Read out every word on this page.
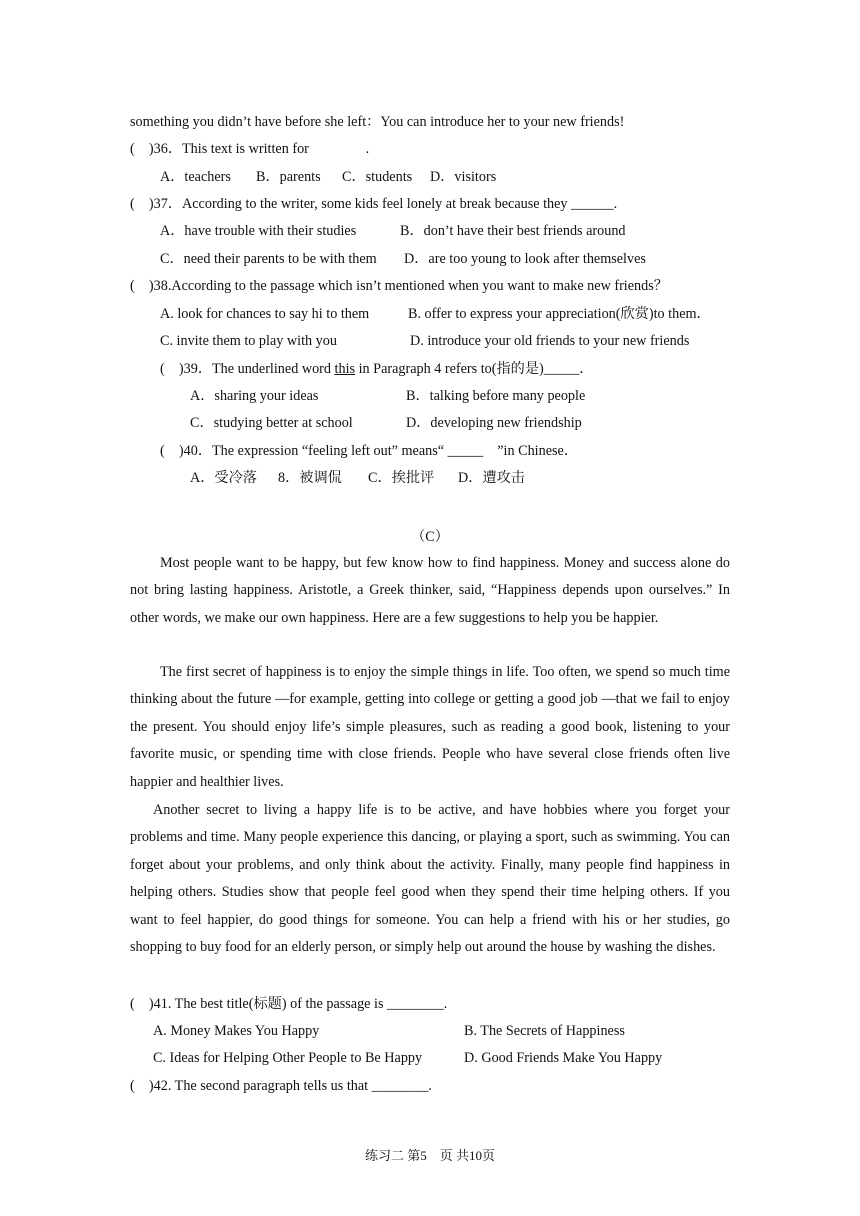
something you didn’t have before she left：You can introduce her to your new friends!
(　)36．This text is written for　　　　.
A．teachers B．parents C．students D．visitors
(　)37．According to the writer, some kids feel lonely at break because they ______.
A．have trouble with their studies	B．don’t have their best friends around
C．need their parents to be with them D．are too young to look after themselves
(　)38.According to the passage which isn’t mentioned when you want to make new friends？
A. look for chances to say hi to them	B. offer to express your appreciation(欣赏)to them．
C. invite them to play with you	D. introduce your old friends to your new friends
(　)39．The underlined word this in Paragraph 4 refers to(指的是)_____．
A．sharing your ideas	B．talking before many people
C．studying better at school	D．developing new friendship
(　)40．The expression “feeling left out” means“ _____　”in Chinese．
A．受冷落 8．被调侃 C．挨批评 D．遭攻击
（C）
Most people want to be happy, but few know how to find happiness. Money and success alone do not bring lasting happiness. Aristotle, a Greek thinker, said, “Happiness depends upon ourselves.” In other words, we make our own happiness. Here are a few suggestions to help you be happier.
The first secret of happiness is to enjoy the simple things in life. Too often, we spend so much time thinking about the future —for example, getting into college or getting a good job —that we fail to enjoy the present. You should enjoy life’s simple pleasures, such as reading a good book, listening to your favorite music, or spending time with close friends. People who have several close friends often live happier and healthier lives.
Another secret to living a happy life is to be active, and have hobbies where you forget your problems and time. Many people experience this dancing, or playing a sport, such as swimming. You can forget about your problems, and only think about the activity. Finally, many people find happiness in helping others. Studies show that people feel good when they spend their time helping others. If you want to feel happier, do good things for someone. You can help a friend with his or her studies, go shopping to buy food for an elderly person, or simply help out around the house by washing the dishes.
(　)41. The best title(标题) of the passage is ________.
A. Money Makes You Happy	B. The Secrets of Happiness
C. Ideas for Helping Other People to Be Happy	D. Good Friends Make You Happy
(　)42. The second paragraph tells us that ________.
练习二 第5　页 共10页
